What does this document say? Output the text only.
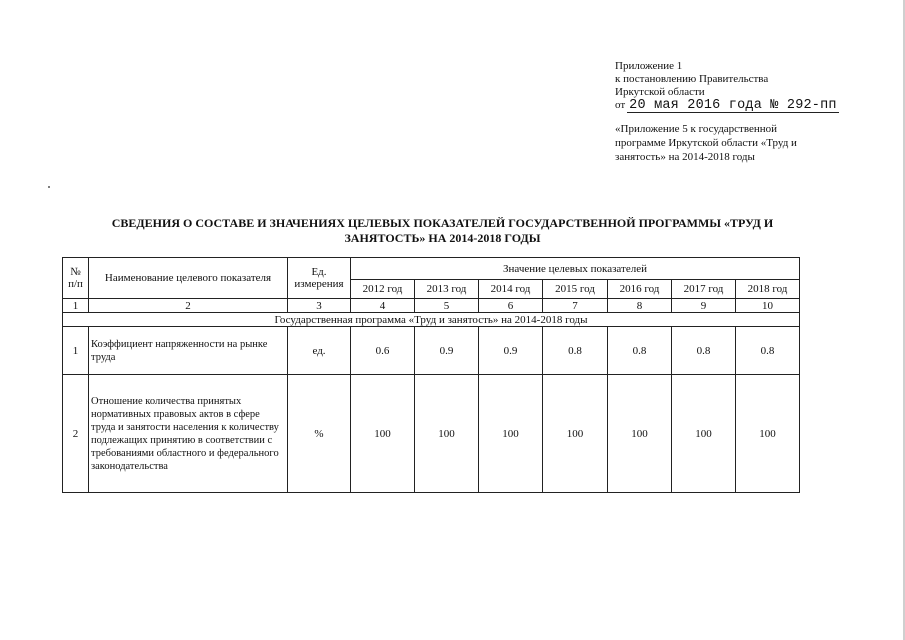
Приложение 1
к постановлению Правительства
Иркутской области
от 20 мая 2016 года № 292-пп
«Приложение 5 к государственной программе Иркутской области «Труд и занятость» на 2014-2018 годы
СВЕДЕНИЯ О СОСТАВЕ И ЗНАЧЕНИЯХ ЦЕЛЕВЫХ ПОКАЗАТЕЛЕЙ ГОСУДАРСТВЕННОЙ ПРОГРАММЫ «ТРУД И ЗАНЯТОСТЬ» НА 2014-2018 ГОДЫ
№ п/п	Наименование целевого показателя	Ед. измерения	Значение целевых показателей						
			2012 год	2013 год	2014 год	2015 год	2016 год	2017 год	2018 год
1	2	3	4	5	6	7	8	9	10
Государственная программа «Труд и занятость» на 2014-2018 годы									
1	Коэффициент напряженности на рынке труда	ед.	0.6	0.9	0.9	0.8	0.8	0.8	0.8
2	Отношение количества принятых нормативных правовых актов в сфере труда и занятости населения к количеству подлежащих принятию в соответствии с требованиями областного и федерального законодательства	%	100	100	100	100	100	100	100
